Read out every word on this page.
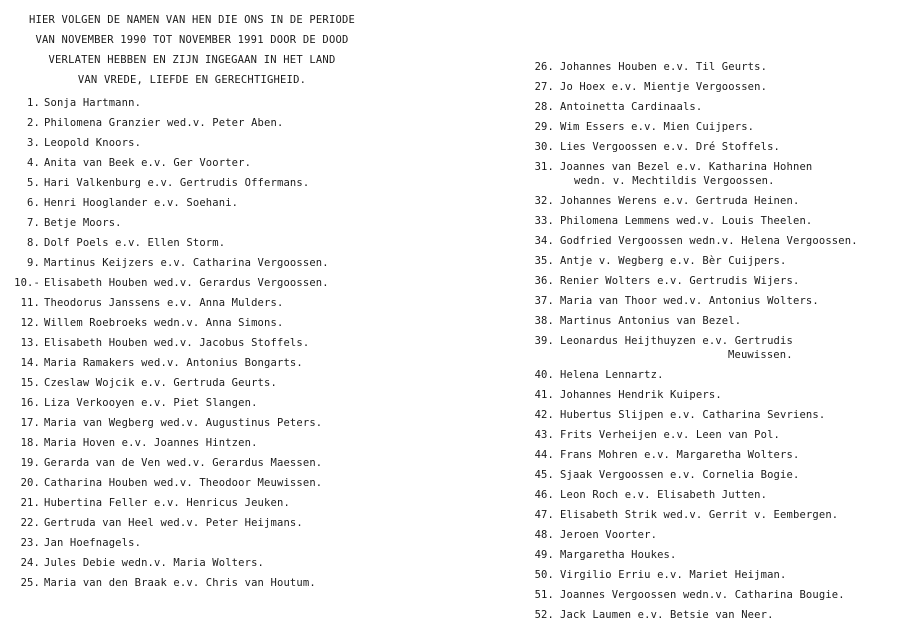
HIER VOLGEN DE NAMEN VAN HEN DIE ONS IN DE PERIODE
VAN NOVEMBER 1990 TOT NOVEMBER 1991 DOOR DE DOOD
VERLATEN HEBBEN EN ZIJN INGEGAAN IN HET LAND
VAN VREDE, LIEFDE EN GERECHTIGHEID.
1. Sonja Hartmann.
2. Philomena Granzier wed.v. Peter Aben.
3. Leopold Knoors.
4. Anita van Beek e.v. Ger Voorter.
5. Hari Valkenburg e.v. Gertrudis Offermans.
6. Henri Hooglander e.v. Soehani.
7. Betje Moors.
8. Dolf Poels e.v. Ellen Storm.
9. Martinus Keijzers e.v. Catharina Vergoossen.
10.- Elisabeth Houben wed.v. Gerardus Vergoossen.
11. Theodorus Janssens e.v. Anna Mulders.
12. Willem Roebroeks wedn.v. Anna Simons.
13. Elisabeth Houben wed.v. Jacobus Stoffels.
14. Maria Ramakers wed.v. Antonius Bongarts.
15. Czeslaw Wojcik e.v. Gertruda Geurts.
16. Liza Verkooyen e.v. Piet Slangen.
17. Maria van Wegberg wed.v. Augustinus Peters.
18. Maria Hoven e.v. Joannes Hintzen.
19. Gerarda van de Ven wed.v. Gerardus Maessen.
20. Catharina Houben wed.v. Theodoor Meuwissen.
21. Hubertina Feller e.v. Henricus Jeuken.
22. Gertruda van Heel wed.v. Peter Heijmans.
23. Jan Hoefnagels.
24. Jules Debie wedn.v. Maria Wolters.
25. Maria van den Braak e.v. Chris van Houtum.
26. Johannes Houben e.v. Til Geurts.
27. Jo Hoex e.v. Mientje Vergoossen.
28. Antoinetta Cardinaals.
29. Wim Essers e.v. Mien Cuijpers.
30. Lies Vergoossen e.v. Dré Stoffels.
31. Joannes van Bezel e.v. Katharina Hohnen
wedn. v. Mechtildis Vergoossen.
32. Johannes Werens e.v. Gertruda Heinen.
33. Philomena Lemmens wed.v. Louis Theelen.
34. Godfried Vergoossen wedn.v. Helena Vergoossen.
35. Antje v. Wegberg e.v. Bèr Cuijpers.
36. Renier Wolters e.v. Gertrudis Wijers.
37. Maria van Thoor wed.v. Antonius Wolters.
38. Martinus Antonius van Bezel.
39. Leonardus Heijthuyzen e.v. Gertrudis
Meuwissen.
40. Helena Lennartz.
41. Johannes Hendrik Kuipers.
42. Hubertus Slijpen e.v. Catharina Sevriens.
43. Frits Verheijen e.v. Leen van Pol.
44. Frans Mohren e.v. Margaretha Wolters.
45. Sjaak Vergoossen e.v. Cornelia Bogie.
46. Leon Roch e.v. Elisabeth Jutten.
47. Elisabeth Strik wed.v. Gerrit v. Eembergen.
48. Jeroen Voorter.
49. Margaretha Houkes.
50. Virgilio Erriu e.v. Mariet Heijman.
51. Joannes Vergoossen wedn.v. Catharina Bougie.
52. Jack Laumen e.v. Betsie van Neer.
